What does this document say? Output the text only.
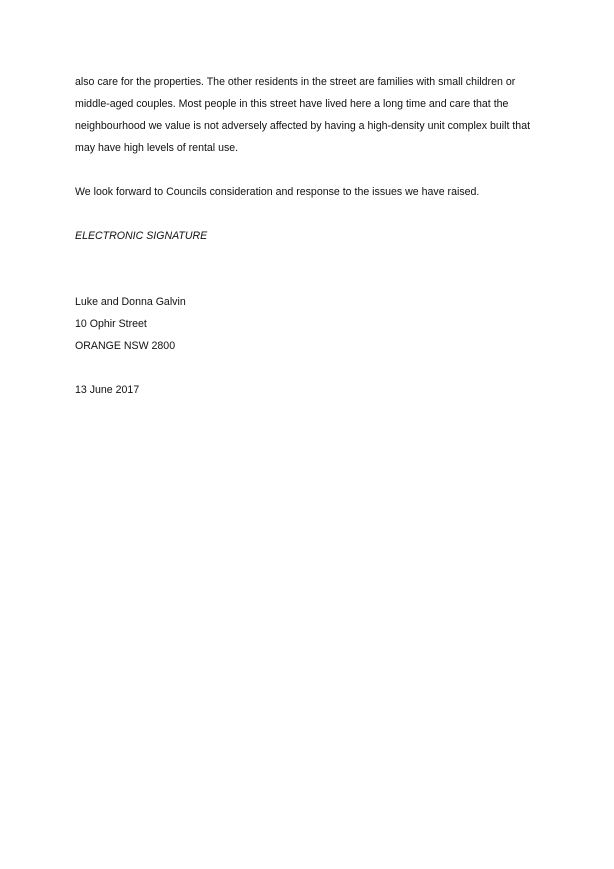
also care for the properties. The other residents in the street are families with small children or
middle-aged couples. Most people in this street have lived here a long time and care that the
neighbourhood we value is not adversely affected by having a high-density unit complex built that
may have high levels of rental use.
We look forward to Councils consideration and response to the issues we have raised.
ELECTRONIC SIGNATURE
Luke and Donna Galvin
10 Ophir Street
ORANGE NSW 2800
13 June 2017
